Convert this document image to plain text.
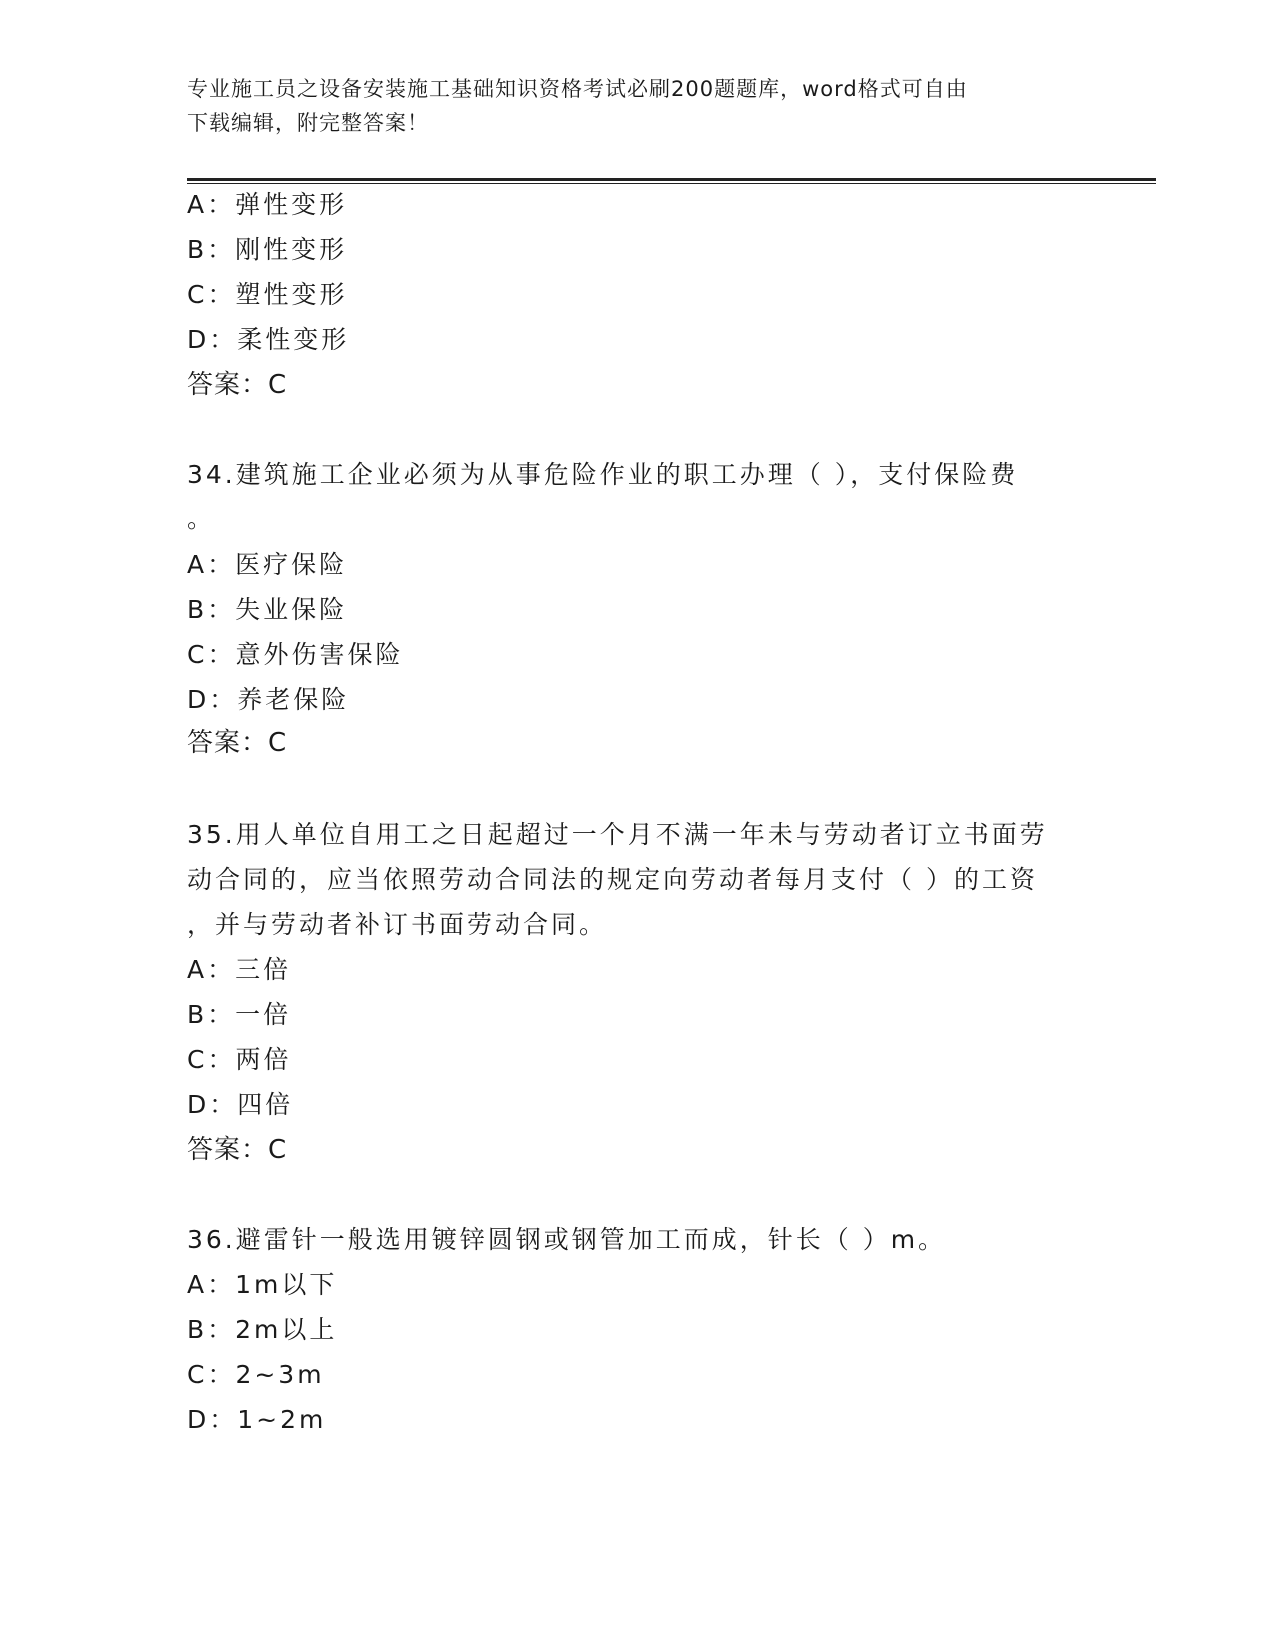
专业施工员之设备安装施工基础知识资格考试必刷200题题库，word格式可自由
下载编辑，附完整答案！
A：弹性变形
B：刚性变形
C：塑性变形
D：柔性变形
答案：C
34.建筑施工企业必须为从事危险作业的职工办理（ ），支付保险费
。
A：医疗保险
B：失业保险
C：意外伤害保险
D：养老保险
答案：C
35.用人单位自用工之日起超过一个月不满一年未与劳动者订立书面劳
动合同的，应当依照劳动合同法的规定向劳动者每月支付（ ）的工资
，并与劳动者补订书面劳动合同。
A：三倍
B：一倍
C：两倍
D：四倍
答案：C
36.避雷针一般选用镀锌圆钢或钢管加工而成，针长（ ）m。
A：1m以下
B：2m以上
C：2~3m
D：1~2m
